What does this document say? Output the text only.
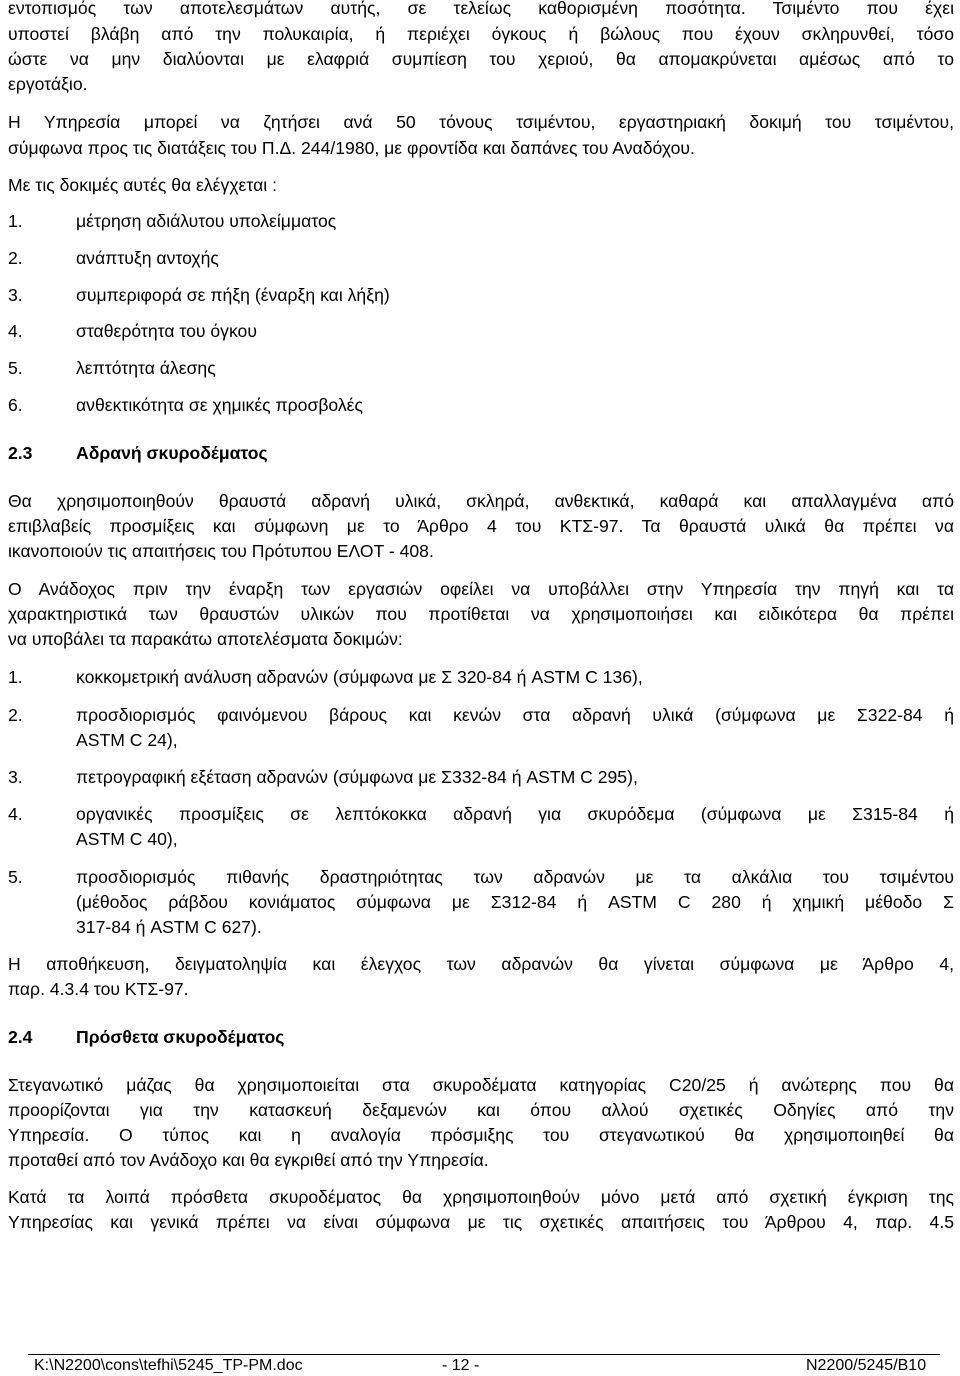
εντοπισμός των αποτελεσμάτων αυτής, σε τελείως καθορισμένη ποσότητα. Τσιμέντο που έχει
υποστεί βλάβη από την πολυκαιρία, ή περιέχει όγκους ή βώλους που έχουν σκληρυνθεί, τόσο
ώστε να μην διαλύονται με ελαφριά συμπίεση του χεριού, θα απομακρύνεται αμέσως από το
εργοτάξιο.
Η Υπηρεσία μπορεί να ζητήσει ανά 50 τόνους τσιμέντου, εργαστηριακή δοκιμή του τσιμέντου,
σύμφωνα προς τις διατάξεις του Π.Δ. 244/1980, με φροντίδα και δαπάνες του Αναδόχου.
Με τις δοκιμές αυτές θα ελέγχεται :
1.	μέτρηση αδιάλυτου υπολείμματος
2.	ανάπτυξη αντοχής
3.	συμπεριφορά σε πήξη (έναρξη και λήξη)
4.	σταθερότητα του όγκου
5.	λεπτότητα άλεσης
6.	ανθεκτικότητα σε χημικές προσβολές
2.3 Αδρανή σκυροδέματος
Θα χρησιμοποιηθούν θραυστά αδρανή υλικά, σκληρά, ανθεκτικά, καθαρά και απαλλαγμένα από
επιβλαβείς προσμίξεις και σύμφωνη με το Άρθρο 4 του ΚΤΣ-97. Τα θραυστά υλικά θα πρέπει να
ικανοποιούν τις απαιτήσεις του Πρότυπου ΕΛΟΤ - 408.
Ο Ανάδοχος πριν την έναρξη των εργασιών οφείλει να υποβάλλει στην Υπηρεσία την πηγή και τα
χαρακτηριστικά των θραυστών υλικών που προτίθεται να χρησιμοποιήσει και ειδικότερα θα πρέπει
να υποβάλει τα παρακάτω αποτελέσματα δοκιμών:
1.	κοκκομετρική ανάλυση αδρανών (σύμφωνα με Σ 320-84 ή ASTM C 136),
2.	προσδιορισμός φαινόμενου βάρους και κενών στα αδρανή υλικά (σύμφωνα με Σ322-84 ή
ASTM C 24),
3.	πετρογραφική εξέταση αδρανών (σύμφωνα με Σ332-84 ή ASTM C 295),
4.	οργανικές προσμίξεις σε λεπτόκοκκα αδρανή για σκυρόδεμα (σύμφωνα με Σ315-84 ή
ASTM C 40),
5.	προσδιορισμός πιθανής δραστηριότητας των αδρανών με τα αλκάλια του τσιμέντου
(μέθοδος ράβδου κονιάματος σύμφωνα με Σ312-84 ή ASTM C 280 ή χημική μέθοδο Σ
317-84 ή ASTM C 627).
Η αποθήκευση, δειγματοληψία και έλεγχος των αδρανών θα γίνεται σύμφωνα με Άρθρο 4,
παρ. 4.3.4 του ΚΤΣ-97.
2.4 Πρόσθετα σκυροδέματος
Στεγανωτικό μάζας θα χρησιμοποιείται στα σκυροδέματα κατηγορίας C20/25 ή ανώτερης που θα
προορίζονται για την κατασκευή δεξαμενών και όπου αλλού σχετικές Οδηγίες από την
Υπηρεσία. Ο τύπος και η αναλογία πρόσμιξης του στεγανωτικού θα χρησιμοποιηθεί θα
προταθεί από τον Ανάδοχο και θα εγκριθεί από την Υπηρεσία.
Κατά τα λοιπά πρόσθετα σκυροδέματος θα χρησιμοποιηθούν μόνο μετά από σχετική έγκριση της
Υπηρεσίας και γενικά πρέπει να είναι σύμφωνα με τις σχετικές απαιτήσεις του Άρθρου 4, παρ. 4.5
K:\N2200\cons\tefhi\5245_TP-PM.doc	- 12 -	N2200/5245/B10
